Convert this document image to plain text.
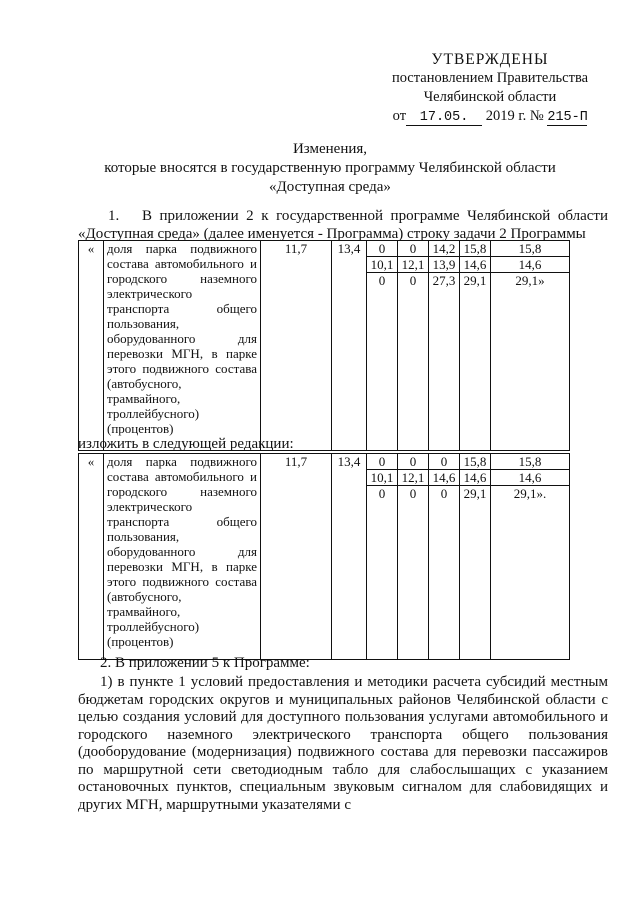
УТВЕРЖДЕНЫ
постановлением Правительства
Челябинской области
от 17.05. 2019 г. № 215-П
Изменения,
которые вносятся в государственную программу Челябинской области
«Доступная среда»
1. В приложении 2 к государственной программе Челябинской области «Доступная среда» (далее именуется - Программа) строку задачи 2 Программы
«	доля парка подвижного состава автомобильного и городского наземного электрического транспорта общего пользования, оборудованного для перевозки МГН, в парке этого подвижного состава (автобусного, трамвайного, троллейбусного) (процентов)	11,7	13,4	0	0	14,2	15,8	15,8
				10,1	12,1	13,9	14,6	14,6
				0	0	27,3	29,1	29,1»

изложить в следующей редакции:
«	доля парка подвижного состава автомобильного и городского наземного электрического транспорта общего пользования, оборудованного для перевозки МГН, в парке этого подвижного состава (автобусного, трамвайного, троллейбусного) (процентов)	11,7	13,4	0	0	0	15,8	15,8
				10,1	12,1	14,6	14,6	14,6
				0	0	0	29,1	29,1».

2. В приложении 5 к Программе:
1) в пункте 1 условий предоставления и методики расчета субсидий местным бюджетам городских округов и муниципальных районов Челябинской области с целью создания условий для доступного пользования услугами автомобильного и городского наземного электрического транспорта общего пользования (дооборудование (модернизация) подвижного состава для перевозки пассажиров по маршрутной сети светодиодным табло для слабослышащих с указанием остановочных пунктов, специальным звуковым сигналом для слабовидящих и других МГН, маршрутными указателями с
